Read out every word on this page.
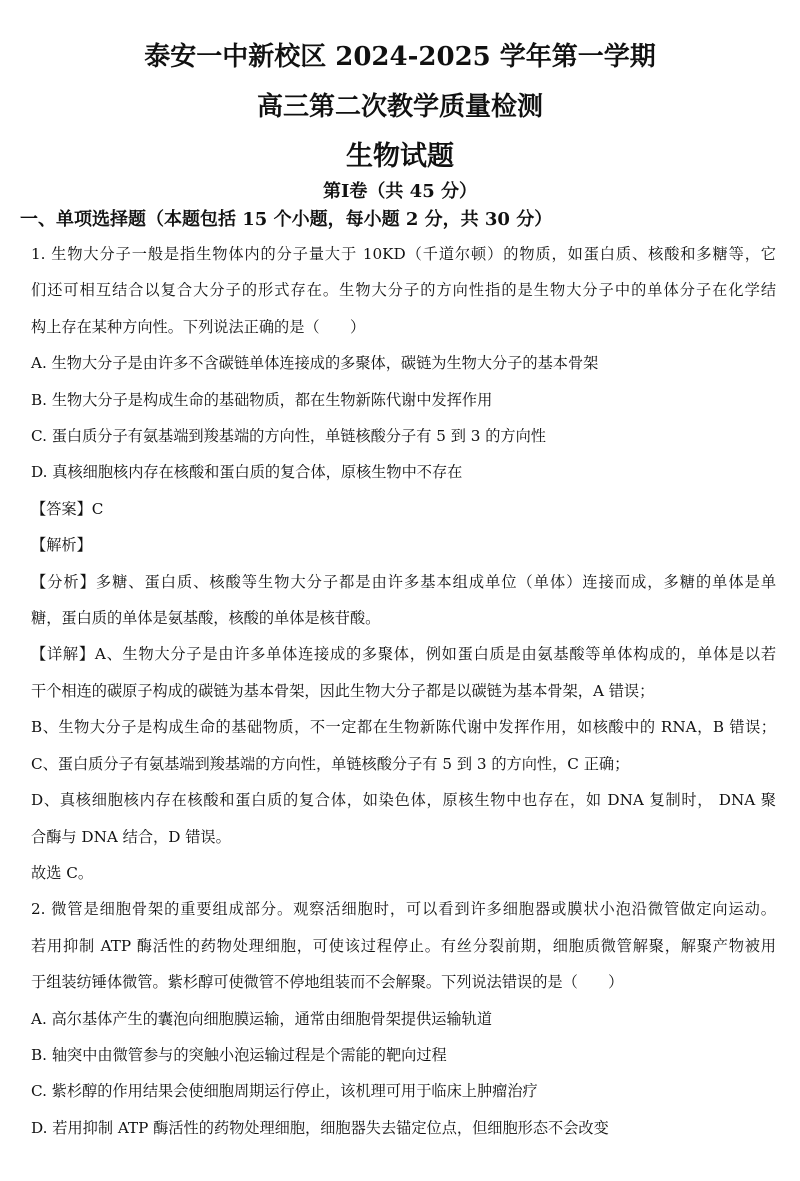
泰安一中新校区 2024-2025 学年第一学期
高三第二次教学质量检测
生物试题
第Ⅰ卷（共 45 分）
一、单项选择题（本题包括 15 个小题，每小题 2 分，共 30 分）

1. 生物大分子一般是指生物体内的分子量大于 10KD（千道尔顿）的物质，如蛋白质、核酸和多糖等，它

们还可相互结合以复合大分子的形式存在。生物大分子的方向性指的是生物大分子中的单体分子在化学结

构上存在某种方向性。下列说法正确的是（　　）

A. 生物大分子是由许多不含碳链单体连接成的多聚体，碳链为生物大分子的基本骨架

B. 生物大分子是构成生命的基础物质，都在生物新陈代谢中发挥作用

C. 蛋白质分子有氨基端到羧基端的方向性，单链核酸分子有 5 到 3 的方向性

D. 真核细胞核内存在核酸和蛋白质的复合体，原核生物中不存在

【答案】C

【解析】

【分析】多糖、蛋白质、核酸等生物大分子都是由许多基本组成单位（单体）连接而成，多糖的单体是单

糖，蛋白质的单体是氨基酸，核酸的单体是核苷酸。

【详解】A、生物大分子是由许多单体连接成的多聚体，例如蛋白质是由氨基酸等单体构成的，单体是以若

干个相连的碳原子构成的碳链为基本骨架，因此生物大分子都是以碳链为基本骨架，A 错误；

B、生物大分子是构成生命的基础物质，不一定都在生物新陈代谢中发挥作用，如核酸中的 RNA，B 错误；

C、蛋白质分子有氨基端到羧基端的方向性，单链核酸分子有 5 到 3 的方向性，C 正确；

D、真核细胞核内存在核酸和蛋白质的复合体，如染色体，原核生物中也存在，如 DNA 复制时， DNA 聚

合酶与 DNA 结合，D 错误。

故选 C。

2. 微管是细胞骨架的重要组成部分。观察活细胞时，可以看到许多细胞器或膜状小泡沿微管做定向运动。

若用抑制 ATP 酶活性的药物处理细胞，可使该过程停止。有丝分裂前期，细胞质微管解聚，解聚产物被用

于组装纺锤体微管。紫杉醇可使微管不停地组装而不会解聚。下列说法错误的是（　　）

A. 高尔基体产生的囊泡向细胞膜运输，通常由细胞骨架提供运输轨道

B. 轴突中由微管参与的突触小泡运输过程是个需能的靶向过程

C. 紫杉醇的作用结果会使细胞周期运行停止，该机理可用于临床上肿瘤治疗

D. 若用抑制 ATP 酶活性的药物处理细胞，细胞器失去锚定位点，但细胞形态不会改变
